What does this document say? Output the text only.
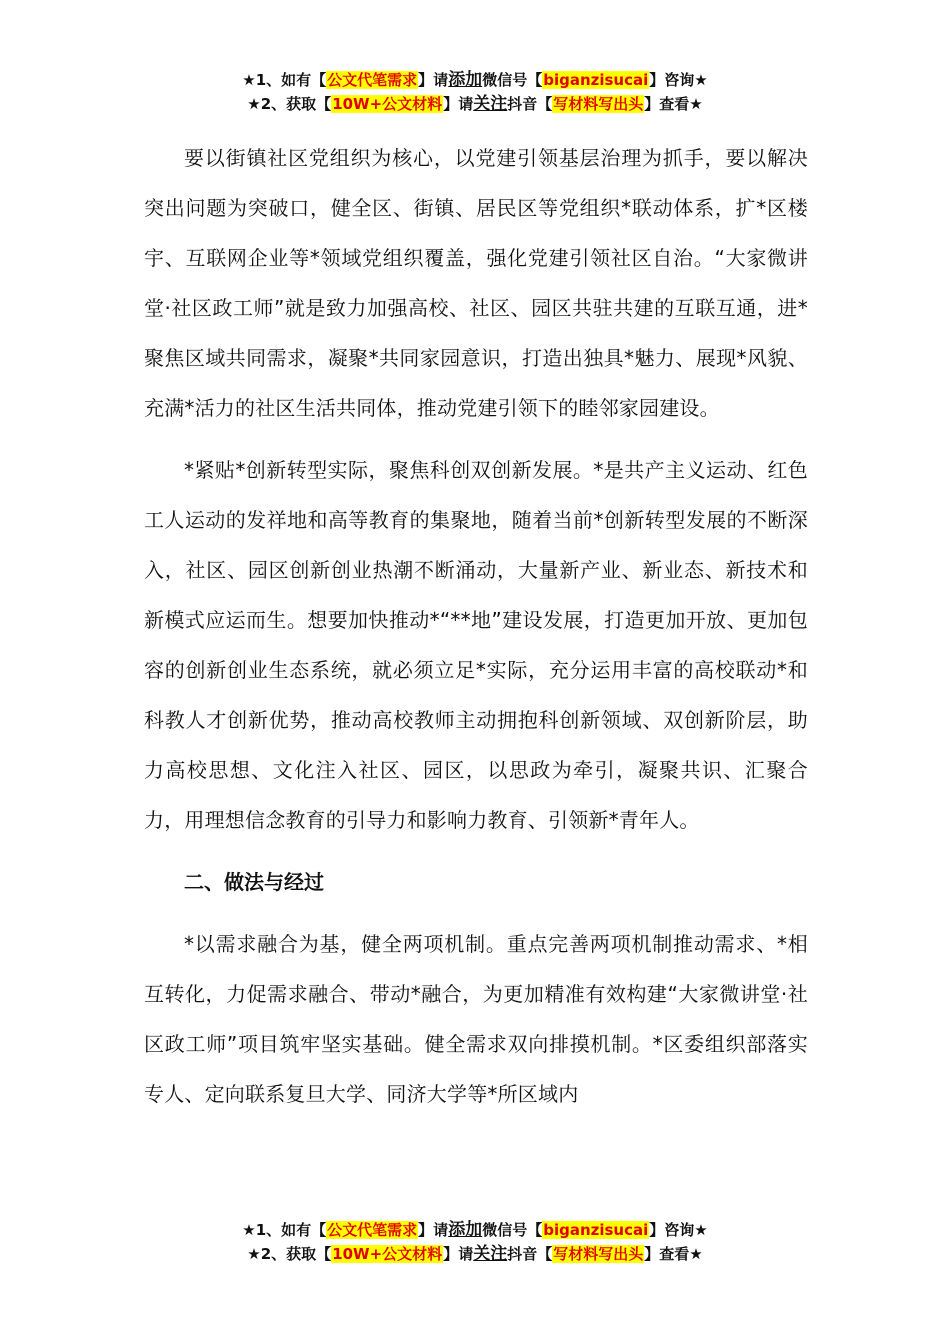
★1、如有【公文代笔需求】请添加微信号【biganzisucai】咨询★
★2、获取【10W+公文材料】请关注抖音【写材料写出头】查看★

要以街镇社区党组织为核心，以党建引领基层治理为抓手，要以解决突出问题为突破口，健全区、街镇、居民区等党组织*联动体系，扩*区楼宇、互联网企业等*领域党组织覆盖，强化党建引领社区自治。“大家微讲堂·社区政工师”就是致力加强高校、社区、园区共驻共建的互联互通，进*聚焦区域共同需求，凝聚*共同家园意识，打造出独具*魅力、展现*风貌、充满*活力的社区生活共同体，推动党建引领下的睦邻家园建设。

*紧贴*创新转型实际，聚焦科创双创新发展。*是共产主义运动、红色工人运动的发祥地和高等教育的集聚地，随着当前*创新转型发展的不断深入，社区、园区创新创业热潮不断涌动，大量新产业、新业态、新技术和新模式应运而生。想要加快推动*“**地”建设发展，打造更加开放、更加包容的创新创业生态系统，就必须立足*实际，充分运用丰富的高校联动*和科教人才创新优势，推动高校教师主动拥抱科创新领域、双创新阶层，助力高校思想、文化注入社区、园区，以思政为牵引，凝聚共识、汇聚合力，用理想信念教育的引导力和影响力教育、引领新*青年人。

二、做法与经过

*以需求融合为基，健全两项机制。重点完善两项机制推动需求、*相互转化，力促需求融合、带动*融合，为更加精准有效构建“大家微讲堂·社区政工师”项目筑牢坚实基础。健全需求双向排摸机制。*区委组织部落实专人、定向联系复旦大学、同济大学等*所区域内

★1、如有【公文代笔需求】请添加微信号【biganzisucai】咨询★
★2、获取【10W+公文材料】请关注抖音【写材料写出头】查看★
